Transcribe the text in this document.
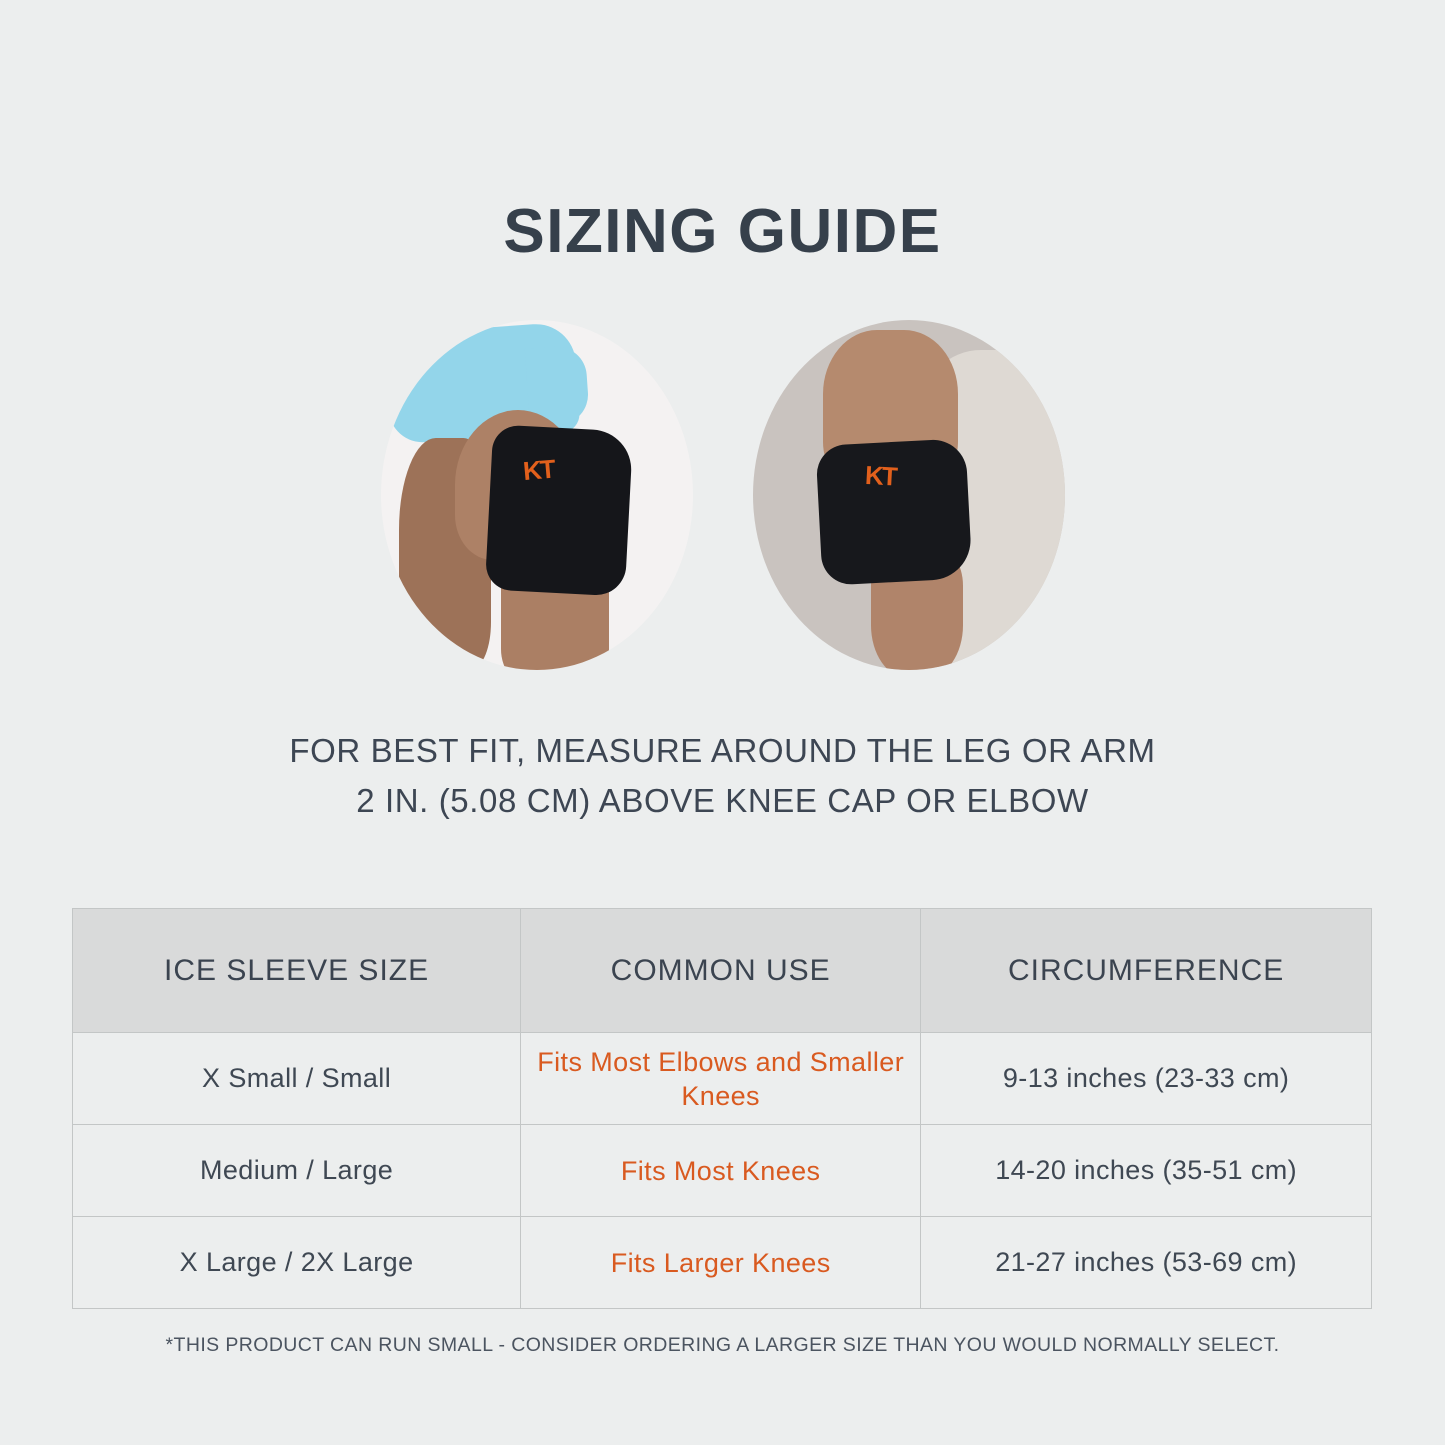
SIZING GUIDE
KT	KT
FOR BEST FIT, MEASURE AROUND THE LEG OR ARM
2 IN. (5.08 CM) ABOVE KNEE CAP OR ELBOW
ICE SLEEVE SIZE	COMMON USE	CIRCUMFERENCE
X Small / Small	Fits Most Elbows and Smaller Knees	9-13 inches (23-33 cm)
Medium / Large	Fits Most Knees	14-20 inches (35-51 cm)
X Large / 2X Large	Fits Larger Knees	21-27 inches (53-69 cm)
*THIS PRODUCT CAN RUN SMALL - CONSIDER ORDERING A LARGER SIZE THAN YOU WOULD NORMALLY SELECT.
